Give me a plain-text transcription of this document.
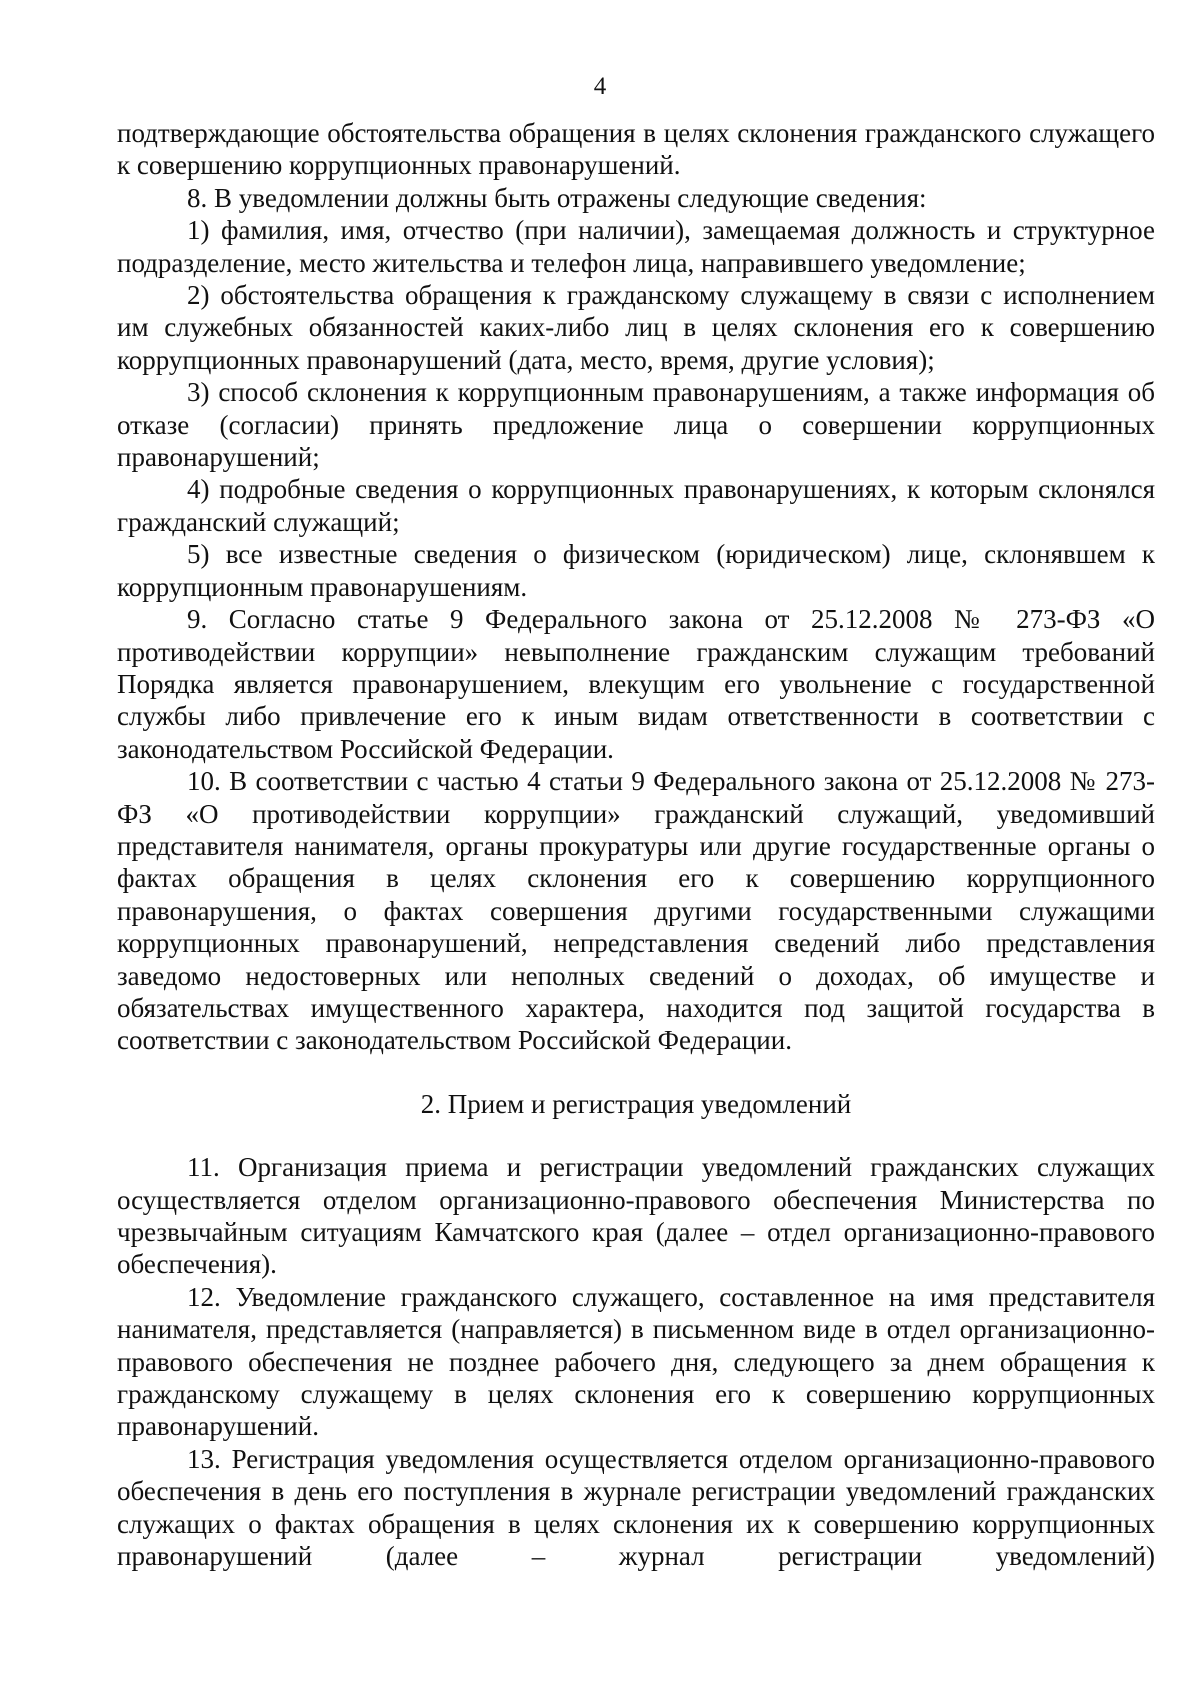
4

подтверждающие обстоятельства обращения в целях склонения гражданского служащего к совершению коррупционных правонарушений.

8. В уведомлении должны быть отражены следующие сведения:

1) фамилия, имя, отчество (при наличии), замещаемая должность и структурное подразделение, место жительства и телефон лица, направившего уведомление;

2) обстоятельства обращения к гражданскому служащему в связи с исполнением им служебных обязанностей каких-либо лиц в целях склонения его к совершению коррупционных правонарушений (дата, место, время, другие условия);

3) способ склонения к коррупционным правонарушениям, а также информация об отказе (согласии) принять предложение лица о совершении коррупционных правонарушений;

4) подробные сведения о коррупционных правонарушениях, к которым склонялся гражданский служащий;

5) все известные сведения о физическом (юридическом) лице, склонявшем к коррупционным правонарушениям.

9. Согласно статье 9 Федерального закона от 25.12.2008 № 273-ФЗ «О противодействии коррупции» невыполнение гражданским служащим требований Порядка является правонарушением, влекущим его увольнение с государственной службы либо привлечение его к иным видам ответственности в соответствии с законодательством Российской Федерации.

10. В соответствии с частью 4 статьи 9 Федерального закона от 25.12.2008 № 273-ФЗ «О противодействии коррупции» гражданский служащий, уведомивший представителя нанимателя, органы прокуратуры или другие государственные органы о фактах обращения в целях склонения его к совершению коррупционного правонарушения, о фактах совершения другими государственными служащими коррупционных правонарушений, непредставления сведений либо представления заведомо недостоверных или неполных сведений о доходах, об имуществе и обязательствах имущественного характера, находится под защитой государства в соответствии с законодательством Российской Федерации.

2. Прием и регистрация уведомлений

11. Организация приема и регистрации уведомлений гражданских служащих осуществляется отделом организационно-правового обеспечения Министерства по чрезвычайным ситуациям Камчатского края (далее – отдел организационно-правового обеспечения).

12. Уведомление гражданского служащего, составленное на имя представителя нанимателя, представляется (направляется) в письменном виде в отдел организационно-правового обеспечения не позднее рабочего дня, следующего за днем обращения к гражданскому служащему в целях склонения его к совершению коррупционных правонарушений.

13. Регистрация уведомления осуществляется отделом организационно-правового обеспечения в день его поступления в журнале регистрации уведомлений гражданских служащих о фактах обращения в целях склонения их к совершению коррупционных правонарушений (далее – журнал регистрации уведомлений)
